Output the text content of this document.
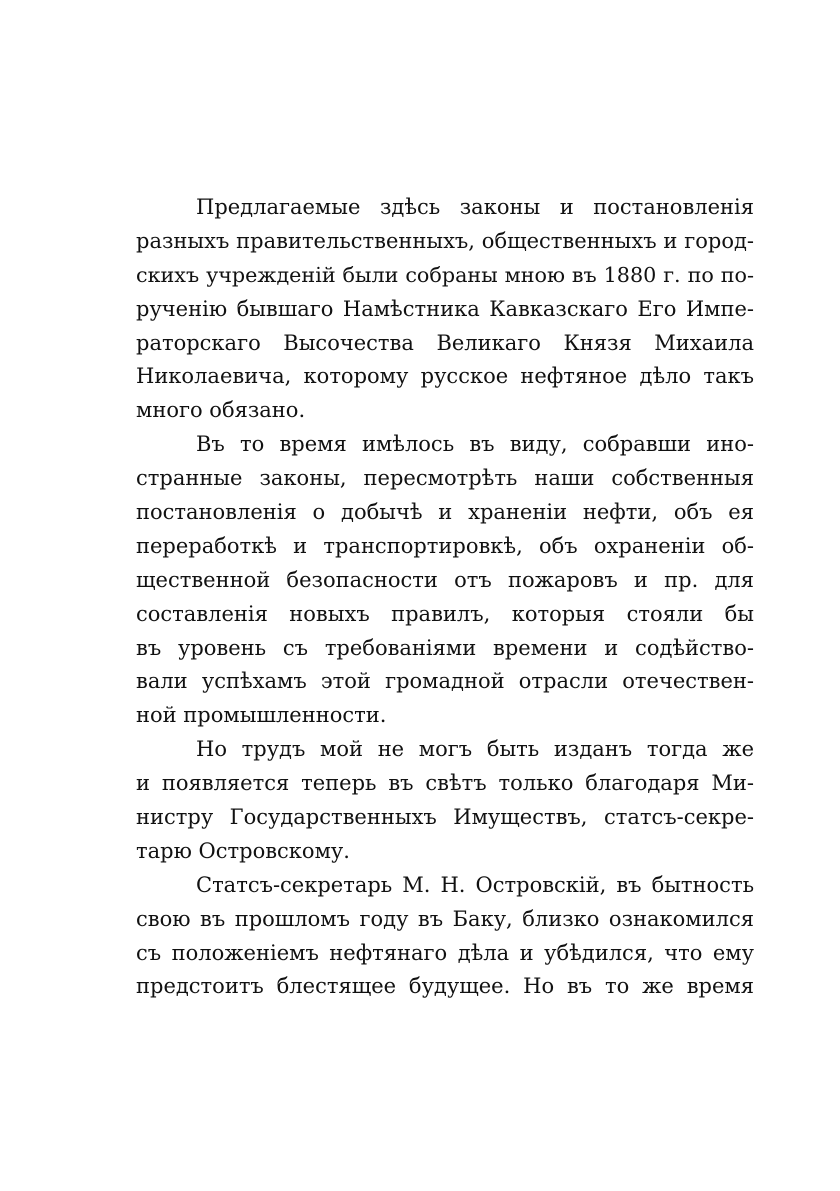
Предлагаемые здѣсь законы и постановленія
разныхъ правительственныхъ, общественныхъ и город-
скихъ учрежденій были собраны мною въ 1880 г. по по-
рученію бывшаго Намѣстника Кавказскаго Его Импе-
раторскаго Высочества Великаго Князя Михаила
Николаевича, которому русское нефтяное дѣло такъ
много обязано.
Въ то время имѣлось въ виду, собравши ино-
странные законы, пересмотрѣть наши собственныя
постановленія о добычѣ и храненіи нефти, объ ея
переработкѣ и транспортировкѣ, объ охраненіи об-
щественной безопасности отъ пожаровъ и пр. для
составленія новыхъ правилъ, которыя стояли бы
въ уровень съ требованіями времени и содѣйство-
вали успѣхамъ этой громадной отрасли отечествен-
ной промышленности.
Но трудъ мой не могъ быть изданъ тогда же
и появляется теперь въ свѣтъ только благодаря Ми-
нистру Государственныхъ Имуществъ, статсъ-секре-
тарю Островскому.
Статсъ-секретарь М. Н. Островскій, въ бытность
свою въ прошломъ году въ Баку, близко ознакомился
съ положеніемъ нефтянаго дѣла и убѣдился, что ему
предстоитъ блестящее будущее. Но въ то же время
